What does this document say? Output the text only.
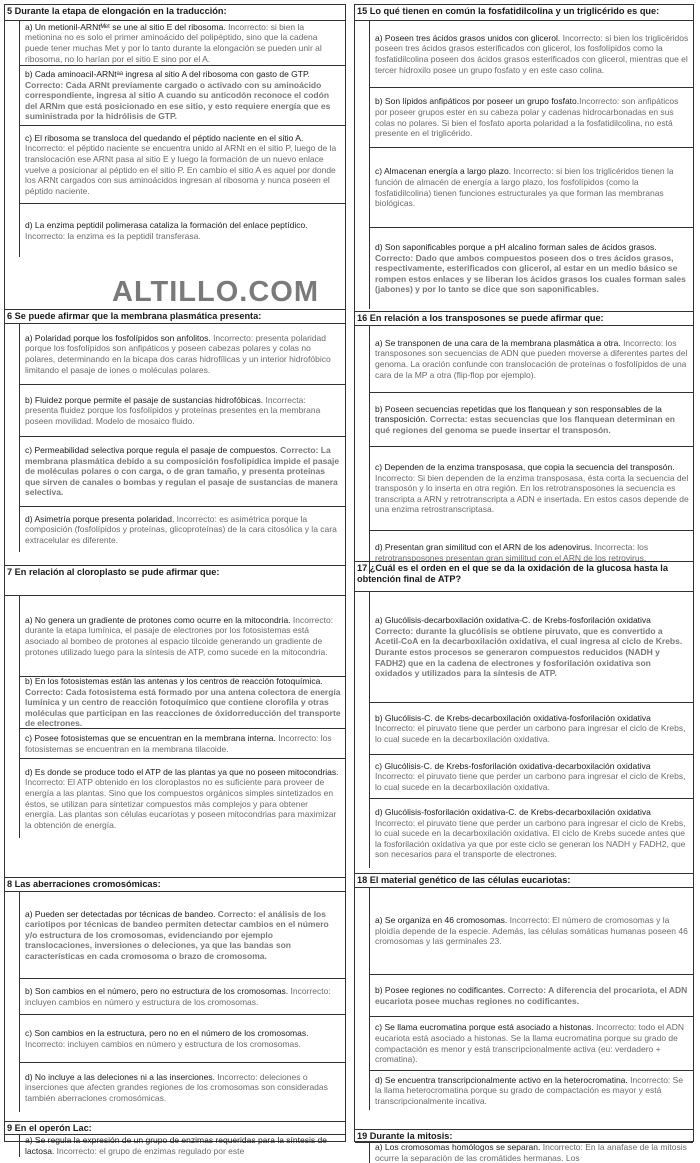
5 Durante la etapa de elongación en la traducción:
a) Un metionil-ARNtᴹᵉᵗ se une al sitio E del ribosoma. Incorrecto: si bien la metionina no es solo el primer aminoácido del polipéptido, sino que la cadena puede tener muchas Met y por lo tanto durante la elongación se pueden unir al ribosoma, no lo harían por el sitio E sino por el A.
b) Cada aminoacil-ARNtᵃᵃ ingresa al sitio A del ribosoma con gasto de GTP. Correcto: Cada ARNt previamente cargado o activado con su aminoácido correspondiente, ingresa al sitio A cuando su anticodón reconoce el codón del ARNm que está posicionado en ese sitio, y esto requiere energía que es suministrada por la hidrólisis de GTP.
c) El ribosoma se transloca del quedando el péptido naciente en el sitio A. Incorrecto: el péptido naciente se encuentra unido al ARNt en el sitio P, luego de la translocación ese ARNt pasa al sitio E y luego la formación de un nuevo enlace vuelve a posicionar al péptido en el sitio P. En cambio el sitio A es aquel por donde los ARNt cargados con sus aminoácidos ingresan al ribosoma y nunca poseen el péptido naciente.
d) La enzima peptidil polimerasa cataliza la formación del enlace peptídico. Incorrecto: la enzima es la peptidil transferasa.
6 Se puede afirmar que la membrana plasmática presenta:
a) Polaridad porque los fosfolípidos son anfolitos. Incorrecto: presenta polaridad porque los fosfolípidos son anfipáticos y poseen cabezas polares y colas no polares, determinando en la bicapa dos caras hidrofílicas y un interior hidrofóbico limitando el pasaje de iones o moléculas polares.
b) Fluidez porque permite el pasaje de sustancias hidrofóbicas. Incorrecta: presenta fluidez porque los fosfolípidos y proteínas presentes en la membrana poseen movilidad. Modelo de mosaico fluido.
c) Permeabilidad selectiva porque regula el pasaje de compuestos. Correcto: La membrana plasmática debido a su composición fosfolipídica impide el pasaje de moléculas polares o con carga, o de gran tamaño, y presenta proteínas que sirven de canales o bombas y regulan el pasaje de sustancias de manera selectiva.
d) Asimetría porque presenta polaridad. Incorrecto: es asimétrica porque la composición (fosfolípidos y proteínas, glicoproteínas) de la cara citosólica y la cara extracelular es diferente.
7 En relación al cloroplasto se pude afirmar que:
a) No genera un gradiente de protones como ocurre en la mitocondria. Incorrecto: durante la etapa lumínica, el pasaje de electrones por los fotosistemas está asociado al bombeo de protones al espacio tilcoide generando un gradiente de protones utilizado luego para la síntesis de ATP, como sucede en la mitocondria.
b) En los fotosistemas están las antenas y los centros de reacción fotoquímica. Correcto: Cada fotosistema está formado por una antena colectora de energía lumínica y un centro de reacción fotoquímico que contiene clorofila y otras moléculas que participan en las reacciones de óxidorreducción del transporte de electrones.
c) Posee fotosistemas que se encuentran en la membrana interna. Incorrecto: los fotosistemas se encuentran en la membrana tilacoide.
d) Es donde se produce todo el ATP de las plantas ya que no poseen mitocondrias. Incorrecto: El ATP obtenido en los cloroplastos no es suficiente para proveer de energía a las plantas. Sino que los compuestos orgánicos simples sintetizados en éstos, se utilizan para sintetizar compuestos más complejos y para obtener energía. Las plantas son células eucariotas y poseen mitocondrias para maximizar la obtención de energía.
8 Las aberraciones cromosómicas:
a) Pueden ser detectadas por técnicas de bandeo. Correcto: el análisis de los cariotipos por técnicas de bandeo permiten detectar cambios en el número y/o estructura de los cromosomas, evidenciando por ejemplo translocaciones, inversiones o deleciones, ya que las bandas son características en cada cromosoma o brazo de cromosoma.
b) Son cambios en el número, pero no estructura de los cromosomas. Incorrecto: incluyen cambios en número y estructura de los cromosomas.
c) Son cambios en la estructura, pero no en el número de los cromosomas. Incorrecto: incluyen cambios en número y estructura de los cromosomas.
d) No incluye a las deleciones ni a las inserciones. Incorrecto: deleciones o inserciones que afecten grandes regiones de los cromosomas son consideradas también aberraciones cromosómicas.
9 En el operón Lac:
a) Se regula la expresión de un grupo de enzimas requeridas para la síntesis de lactosa. Incorrecto: el grupo de enzimas regulado por este
15 Lo qué tienen en común la fosfatidilcolina y un triglicérido es que:
a) Poseen tres ácidos grasos unidos con glicerol. Incorrecto: si bien los triglicéridos poseen tres ácidos grasos esterificados con glicerol, los fosfolípidos como la fosfatidilcolina poseen dos ácidos grasos esterificados con glicerol, mientras que el tercer hidroxilo posee un grupo fosfato y en este caso colina.
b) Son lípidos anfipáticos por poseer un grupo fosfato.Incorrecto: son anfipáticos por poseer grupos ester en su cabeza polar y cadenas hidrocarbonadas en sus colas no polares. Si bien el fosfato aporta polaridad a la fosfatidilcolina, no está presente en el triglicérido.
c) Almacenan energía a largo plazo. Incorrecto: si bien los triglicéridos tienen la función de almacén de energía a largo plazo, los fosfolípidos (como la fosfatidilcolina) tienen funciones estructurales ya que forman las membranas biológicas.
d) Son saponificables porque a pH alcalino forman sales de ácidos grasos. Correcto: Dado que ambos compuestos poseen dos o tres ácidos grasos, respectivamente, esterificados con glicerol, al estar en un medio básico se rompen estos enlaces y se liberan los ácidos grasos los cuales forman sales (jabones) y por lo tanto se dice que son saponificables.
16 En relación a los transposones se puede afirmar que:
a) Se transponen de una cara de la membrana plasmática a otra. Incorrecto: los transposones son secuencias de ADN que pueden moverse a diferentes partes del genoma. La oración confunde con translocación de proteínas o fosfolípidos de una cara de la MP a otra (flip-flop por ejemplo).
b) Poseen secuencias repetidas que los flanquean y son responsables de la transposición. Correcta: estas secuencias que los flanquean determinan en qué regiones del genoma se puede insertar el transposón.
c) Dependen de la enzima transposasa, que copia la secuencia del transposón. Incorrecto: Si bien dependen de la enzima transposasa, ésta corta la secuencia del transposón y lo inserta en otra región. En los retrotransposones la secuencia es transcripta a ARN y retrotranscripta a ADN e insertada. En estos casos depende de una enzima retrostranscriptasa.
d) Presentan gran similitud con el ARN de los adenovirus. Incorrecta: los retrotransposones presentan gran similitud con el ARN de los retrovirus.
17 ¿Cuál es el orden en el que se da la oxidación de la glucosa hasta la obtención final de ATP?
a) Glucólisis-decarboxilación oxidativa-C. de Krebs-fosforilación oxidativa Correcto: durante la glucólisis se obtiene piruvato, que es convertido a Acetil-CoA en la decarboxilación oxidativa, el cual ingresa al ciclo de Krebs. Durante estos procesos se generaron compuestos reducidos (NADH y FADH2) que en la cadena de electrones y fosforilación oxidativa son oxidados y utilizados para la síntesis de ATP.
b) Glucólisis-C. de Krebs-decarboxilación oxidativa-fosforilación oxidativa Incorrecto: el piruvato tiene que perder un carbono para ingresar el ciclo de Krebs, lo cual sucede en la decarboxilación oxidativa.
c) Glucólisis-C. de Krebs-fosforilación oxidativa-decarboxilación oxidativa Incorrecto: el piruvato tiene que perder un carbono para ingresar el ciclo de Krebs, lo cual sucede en la decarboxilación oxidativa.
d) Glucólisis-fosforilación oxidativa-C. de Krebs-decarboxilación oxidativa Incorrecto: el piruvato tiene que perder un carbono para ingresar el ciclo de Krebs, lo cual sucede en la decarboxilación oxidativa. El ciclo de Krebs sucede antes que la fosforilación oxidativa ya que por este ciclo se generan los NADH y FADH2, que son necesarios para el transporte de electrones.
18 El material genético de las células eucariotas:
a) Se organiza en 46 cromosomas. Incorrecto: El número de cromosomas y la ploidía depende de la especie. Además, las células somáticas humanas poseen 46 cromosomas y las germinales 23.
b) Posee regiones no codificantes. Correcto: A diferencia del procariota, el ADN eucariota posee muchas regiones no codificantes.
c) Se llama eucromatina porque está asociado a histonas. Incorrecto: todo el ADN eucariota está asociado a histonas. Se la llama eucromatina porque su grado de compactación es menor y está transcripcionalmente activa (eu: verdadero + cromatina).
d) Se encuentra transcripcionalmente activo en la heterocromatina. Incorrecto: Se la llama heterocromatina porque su grado de compactación es mayor y está transcripcionalmente incativa.
19 Durante la mitosis:
a) Los cromosomas homólogos se separan. Incorrecto: En la anafase de la mitosis ocurre la separación de las cromátides hermanas. Los
ALTILLO.COM
